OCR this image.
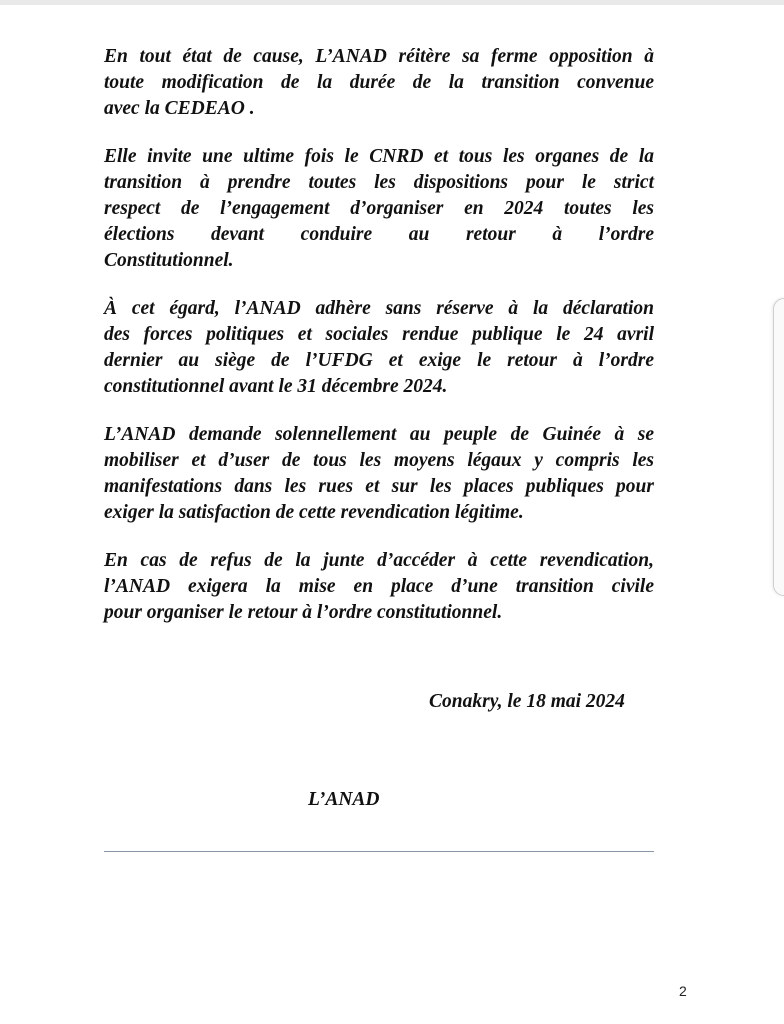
En tout état de cause, L’ANAD réitère sa ferme opposition à
toute modification de la durée de la transition convenue
avec la CEDEAO .

Elle invite une ultime fois le CNRD et tous les organes de la
transition à prendre toutes les dispositions pour le strict
respect de l’engagement d’organiser en 2024 toutes les
élections devant conduire au retour à l’ordre
Constitutionnel.

À cet égard, l’ANAD adhère sans réserve à la déclaration
des forces politiques et sociales rendue publique le 24 avril
dernier au siège de l’UFDG et exige le retour à l’ordre
constitutionnel avant le 31 décembre 2024.

L’ANAD demande solennellement au peuple de Guinée à se
mobiliser et d’user de tous les moyens légaux y compris les
manifestations dans les rues et sur les places publiques pour
exiger la satisfaction de cette revendication légitime.

En cas de refus de la junte d’accéder à cette revendication,
l’ANAD exigera la mise en place d’une transition civile
pour organiser le retour à l’ordre constitutionnel.

Conakry, le 18 mai 2024
L’ANAD
2
